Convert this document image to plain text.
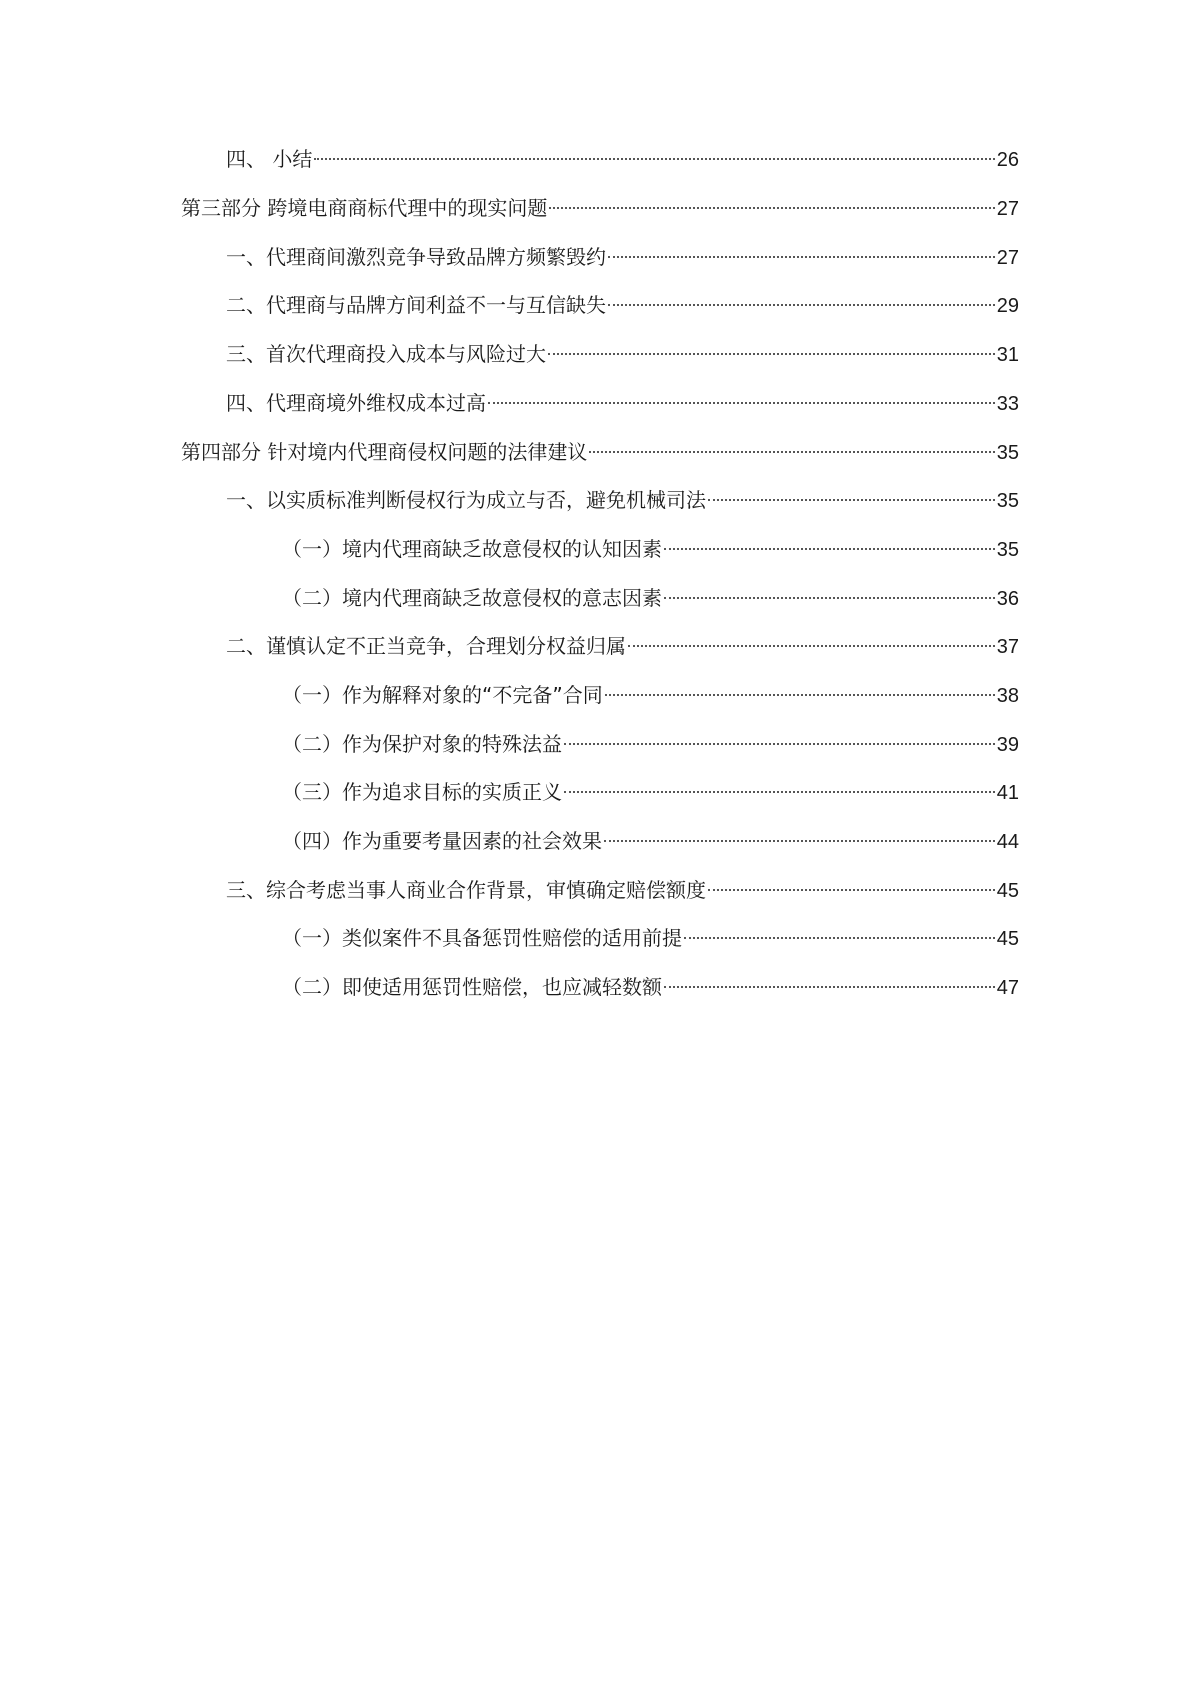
四、 小结	26
第三部分 跨境电商商标代理中的现实问题	27
一、代理商间激烈竞争导致品牌方频繁毁约	27
二、代理商与品牌方间利益不一与互信缺失	29
三、首次代理商投入成本与风险过大	31
四、代理商境外维权成本过高	33
第四部分 针对境内代理商侵权问题的法律建议	35
一、以实质标准判断侵权行为成立与否，避免机械司法	35
（一）境内代理商缺乏故意侵权的认知因素	35
（二）境内代理商缺乏故意侵权的意志因素	36
二、谨慎认定不正当竞争，合理划分权益归属	37
（一）作为解释对象的“不完备”合同	38
（二）作为保护对象的特殊法益	39
（三）作为追求目标的实质正义	41
（四）作为重要考量因素的社会效果	44
三、综合考虑当事人商业合作背景，审慎确定赔偿额度	45
（一）类似案件不具备惩罚性赔偿的适用前提	45
（二）即使适用惩罚性赔偿，也应减轻数额	47
